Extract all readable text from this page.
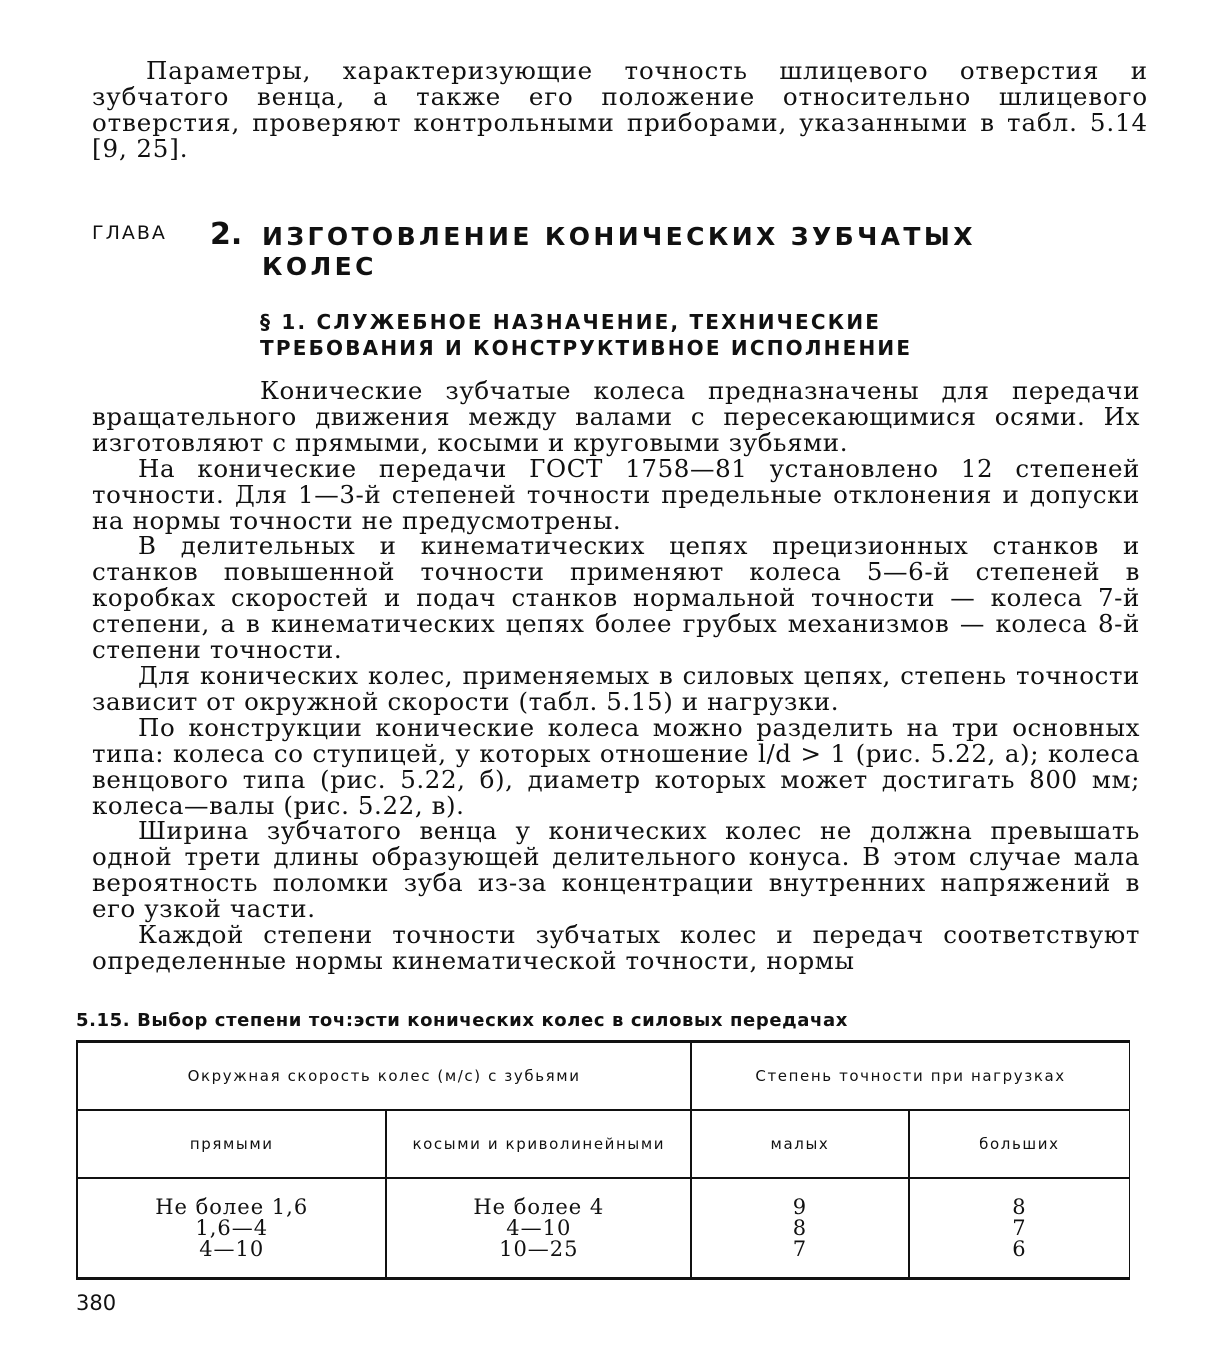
Параметры, характеризующие точность шлицевого отверстия и зубчатого венца, а также его положение относительно шлицевого отверстия, проверяют контрольными приборами, указанными в табл. 5.14 [9, 25].

ГЛАВА 2. ИЗГОТОВЛЕНИЕ КОНИЧЕСКИХ ЗУБЧАТЫХ КОЛЕС
§ 1. СЛУЖЕБНОЕ НАЗНАЧЕНИЕ, ТЕХНИЧЕСКИЕ
ТРЕБОВАНИЯ И КОНСТРУКТИВНОЕ ИСПОЛНЕНИЕ

Конические зубчатые колеса предназначены для передачи вращательного движения между валами с пересекающимися осями. Их изготовляют с прямыми, косыми и круговыми зубьями.

На конические передачи ГОСТ 1758—81 установлено 12 степеней точности. Для 1—3-й степеней точности предельные отклонения и допуски на нормы точности не предусмотрены.

В делительных и кинематических цепях прецизионных станков и станков повышенной точности применяют колеса 5—6-й степеней в коробках скоростей и подач станков нормальной точности — колеса 7-й степени, а в кинематических цепях более грубых механизмов — колеса 8-й степени точности.

Для конических колес, применяемых в силовых цепях, степень точности зависит от окружной скорости (табл. 5.15) и нагрузки.

По конструкции конические колеса можно разделить на три основных типа: колеса со ступицей, у которых отношение l/d > 1 (рис. 5.22, а); колеса венцового типа (рис. 5.22, б), диаметр которых может достигать 800 мм; колеса—валы (рис. 5.22, в).

Ширина зубчатого венца у конических колес не должна превышать одной трети длины образующей делительного конуса. В этом случае мала вероятность поломки зуба из-за концентрации внутренних напряжений в его узкой части.

Каждой степени точности зубчатых колес и передач соответствуют определенные нормы кинематической точности, нормы

5.15. Выбор степени точ:эсти конических колес в силовых передачах

Окружная скорость колес (м/с) с зубьями		Степень точности при нагрузках	
прямыми	косыми и криволинейными	малых	больших

Не более 1,6
1,6—4
4—10	Не более 4
4—10
10—25	9
8
7	8
7
6
380
